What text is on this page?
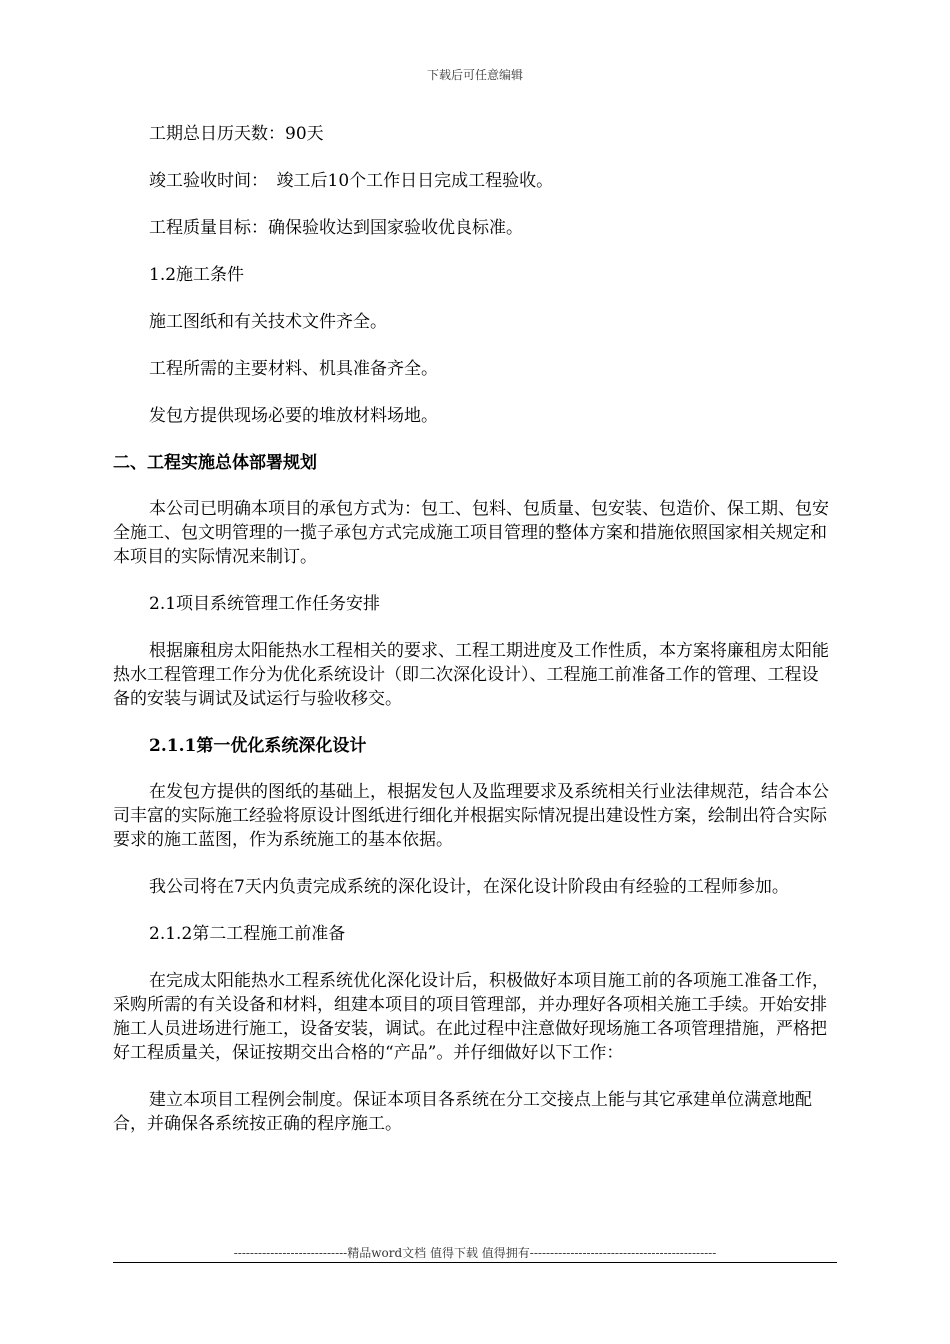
下载后可任意编辑

工期总日历天数：90天

竣工验收时间：　竣工后10个工作日日完成工程验收。

工程质量目标：确保验收达到国家验收优良标准。

1.2施工条件

施工图纸和有关技术文件齐全。

工程所需的主要材料、机具准备齐全。

发包方提供现场必要的堆放材料场地。

二、工程实施总体部署规划

本公司已明确本项目的承包方式为：包工、包料、包质量、包安装、包造价、保工期、包安全施工、包文明管理的一揽子承包方式完成施工项目管理的整体方案和措施依照国家相关规定和本项目的实际情况来制订。

2.1项目系统管理工作任务安排

根据廉租房太阳能热水工程相关的要求、工程工期进度及工作性质，本方案将廉租房太阳能热水工程管理工作分为优化系统设计（即二次深化设计）、工程施工前准备工作的管理、工程设备的安装与调试及试运行与验收移交。

2.1.1第一优化系统深化设计

在发包方提供的图纸的基础上，根据发包人及监理要求及系统相关行业法律规范，结合本公司丰富的实际施工经验将原设计图纸进行细化并根据实际情况提出建设性方案，绘制出符合实际要求的施工蓝图，作为系统施工的基本依据。

我公司将在7天内负责完成系统的深化设计，在深化设计阶段由有经验的工程师参加。

2.1.2第二工程施工前准备

在完成太阳能热水工程系统优化深化设计后，积极做好本项目施工前的各项施工准备工作，采购所需的有关设备和材料，组建本项目的项目管理部，并办理好各项相关施工手续。开始安排施工人员进场进行施工，设备安装，调试。在此过程中注意做好现场施工各项管理措施，严格把好工程质量关，保证按期交出合格的“产品”。并仔细做好以下工作：

建立本项目工程例会制度。保证本项目各系统在分工交接点上能与其它承建单位满意地配合，并确保各系统按正确的程序施工。

----------------------------精品word文档 值得下载 值得拥有----------------------------------------------
